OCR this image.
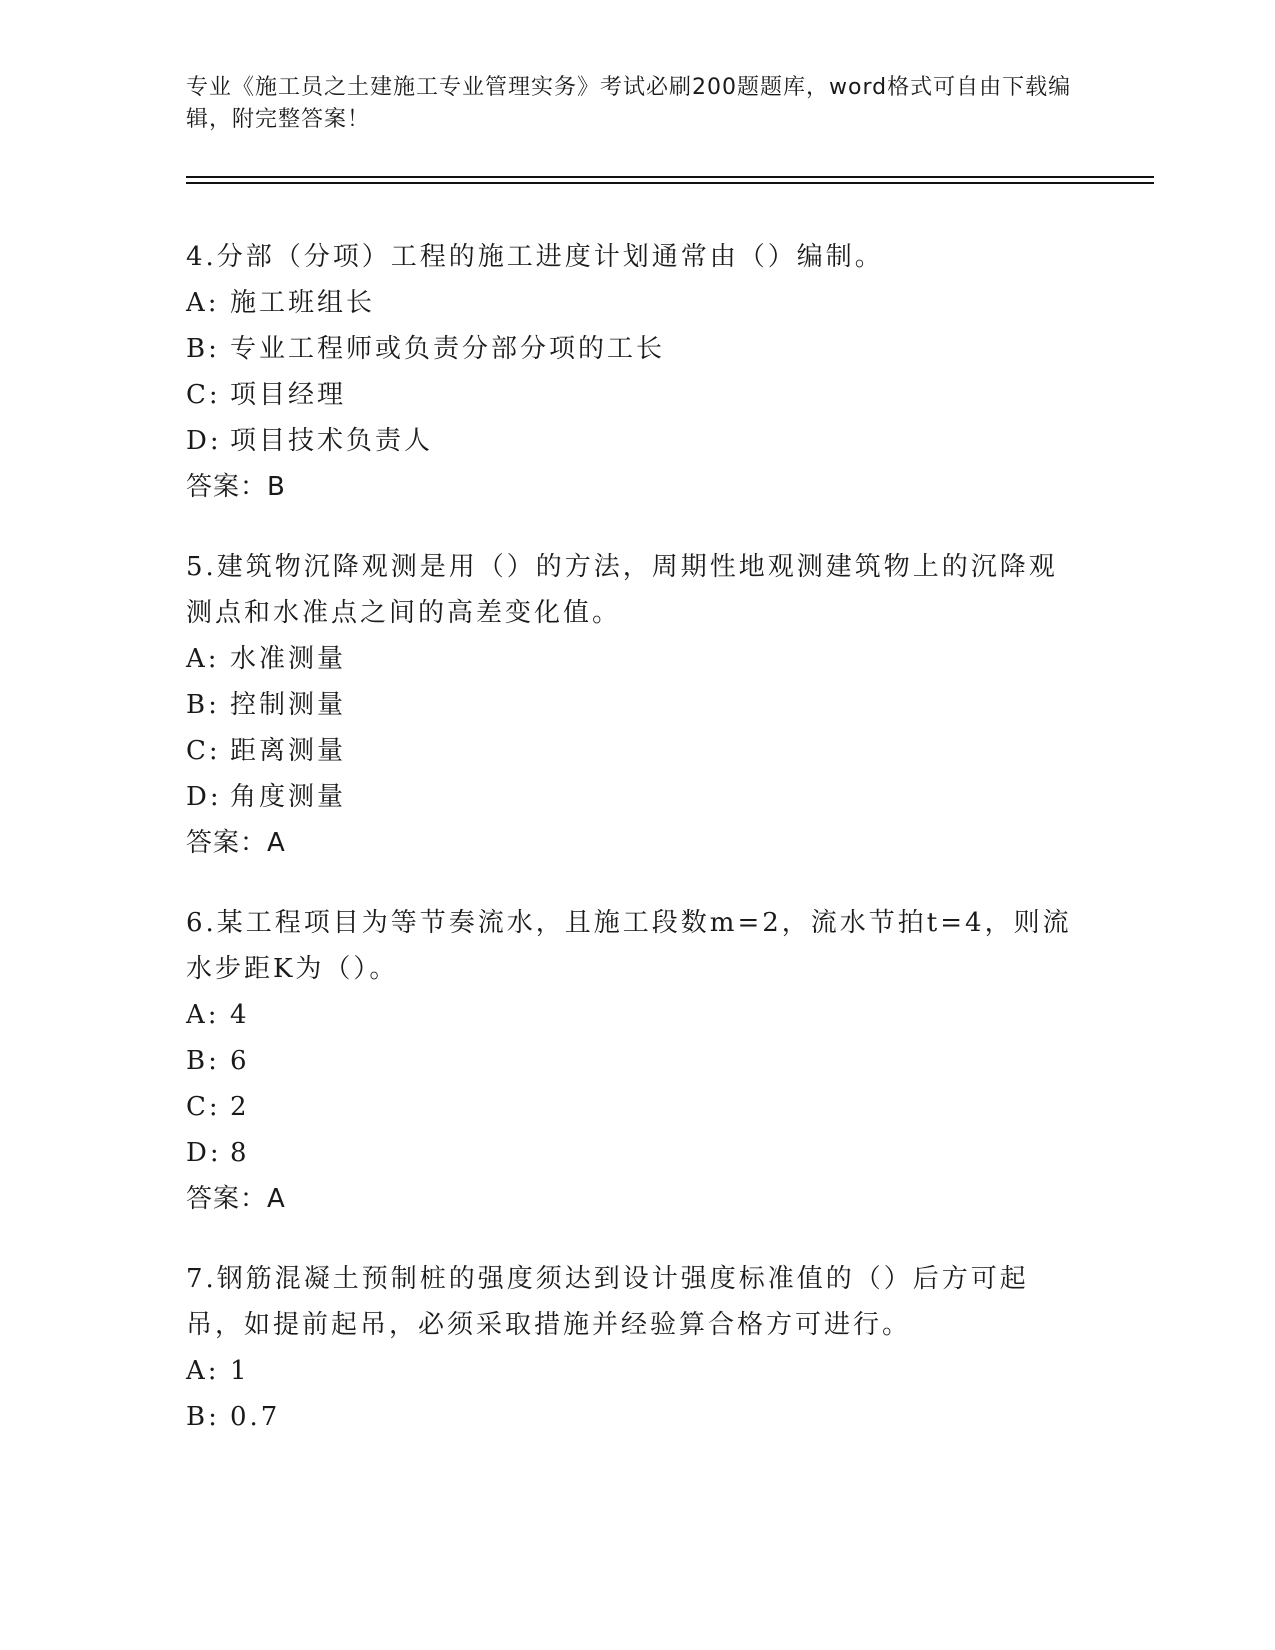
专业《施工员之土建施工专业管理实务》考试必刷200题题库，word格式可自由下载编辑，附完整答案！
4.分部（分项）工程的施工进度计划通常由（）编制。
A: 施工班组长
B: 专业工程师或负责分部分项的工长
C: 项目经理
D: 项目技术负责人
答案：B
5.建筑物沉降观测是用（）的方法，周期性地观测建筑物上的沉降观测点和水准点之间的高差变化值。
A: 水准测量
B: 控制测量
C: 距离测量
D: 角度测量
答案：A
6.某工程项目为等节奏流水，且施工段数m=2，流水节拍t=4，则流水步距K为（）。
A: 4
B: 6
C: 2
D: 8
答案：A
7.钢筋混凝土预制桩的强度须达到设计强度标准值的（）后方可起吊，如提前起吊，必须采取措施并经验算合格方可进行。
A: 1
B: 0.7
